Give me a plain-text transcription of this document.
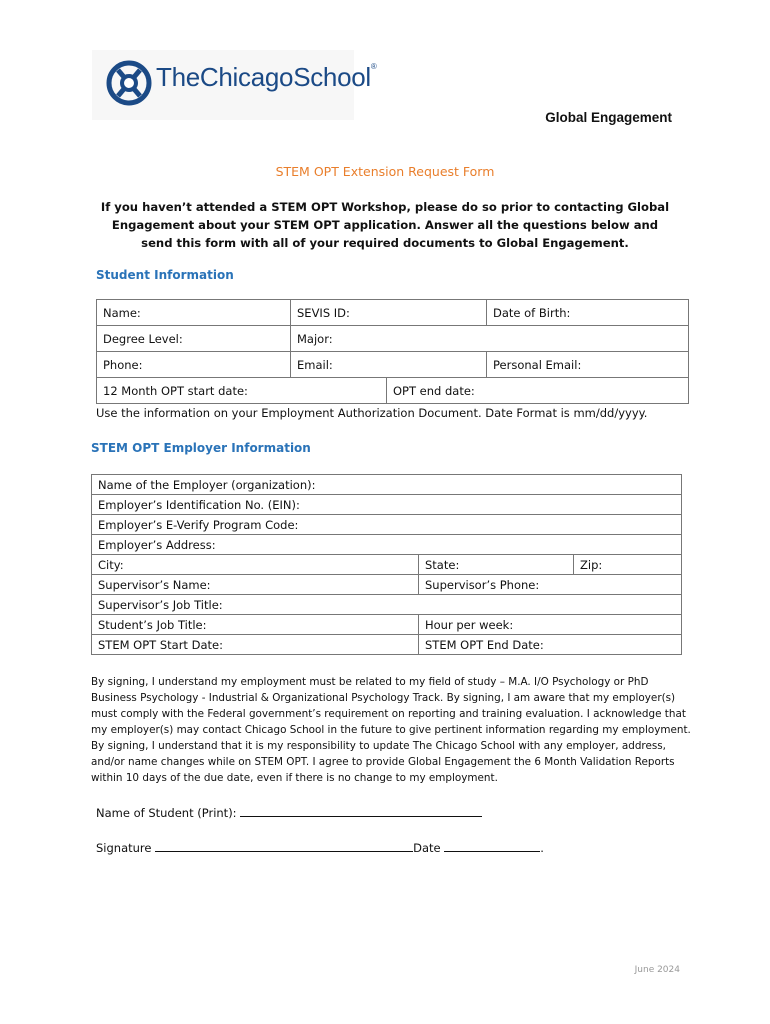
TheChicagoSchool®
Global Engagement
STEM OPT Extension Request Form
If you haven’t attended a STEM OPT Workshop, please do so prior to contacting Global Engagement about your STEM OPT application. Answer all the questions below and send this form with all of your required documents to Global Engagement.
Student Information
Name:	SEVIS ID:		Date of Birth:
Degree Level:	Major:		
Phone:	Email:		Personal Email:
12 Month OPT start date:		OPT end date:	
Use the information on your Employment Authorization Document. Date Format is mm/dd/yyyy.
STEM OPT Employer Information
Name of the Employer (organization):		
Employer’s Identification No. (EIN):		
Employer’s E-Verify Program Code:		
Employer’s Address:		
City:	State:	Zip:
Supervisor’s Name:	Supervisor’s Phone:	
Supervisor’s Job Title:		
Student’s Job Title:	Hour per week:	
STEM OPT Start Date:	STEM OPT End Date:	
By signing, I understand my employment must be related to my field of study – M.A. I/O Psychology or PhD Business Psychology - Industrial & Organizational Psychology Track. By signing, I am aware that my employer(s) must comply with the Federal government’s requirement on reporting and training evaluation. I acknowledge that my employer(s) may contact Chicago School in the future to give pertinent information regarding my employment. By signing, I understand that it is my responsibility to update The Chicago School with any employer, address, and/or name changes while on STEM OPT. I agree to provide Global Engagement the 6 Month Validation Reports within 10 days of the due date, even if there is no change to my employment.
Name of Student (Print):
Signature	Date	.
June 2024
